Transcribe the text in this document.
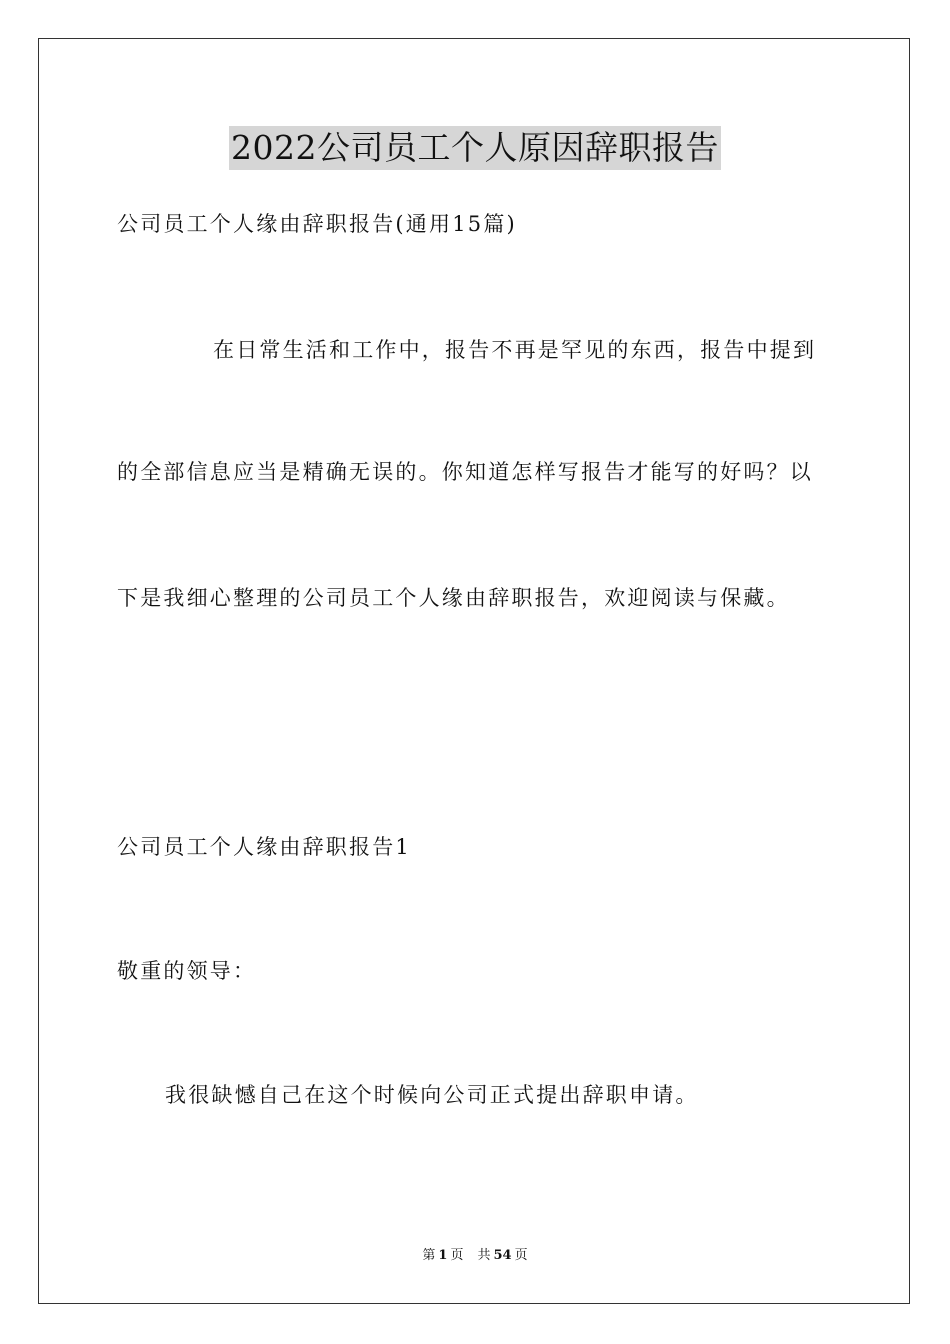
2022公司员工个人原因辞职报告
公司员工个人缘由辞职报告(通用15篇)
在日常生活和工作中，报告不再是罕见的东西，报告中提到
的全部信息应当是精确无误的。你知道怎样写报告才能写的好吗？以
下是我细心整理的公司员工个人缘由辞职报告，欢迎阅读与保藏。
公司员工个人缘由辞职报告1
敬重的领导：
我很缺憾自己在这个时候向公司正式提出辞职申请。
第 1 页 共 54 页
